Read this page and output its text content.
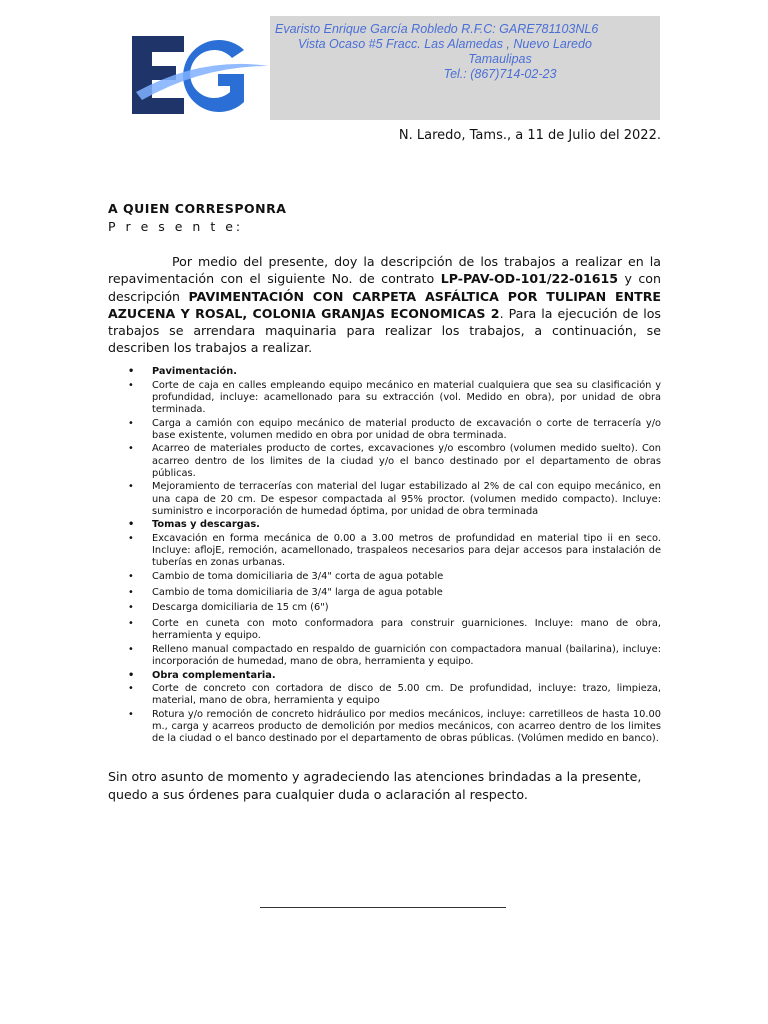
Evaristo Enrique García Robledo R.F.C: GARE781103NL6
Vista Ocaso #5 Fracc. Las Alamedas , Nuevo Laredo
Tamaulipas
Tel.: (867)714-02-23
N. Laredo, Tams., a 11 de Julio del 2022.
A QUIEN CORRESPONRA
P r e s e n t e:

Por medio del presente, doy la descripción de los trabajos a realizar en la repavimentación con el siguiente No. de contrato LP-PAV-OD-101/22-01615 y con descripción PAVIMENTACIÓN CON CARPETA ASFÁLTICA POR TULIPAN ENTRE AZUCENA Y ROSAL, COLONIA GRANJAS ECONOMICAS 2. Para la ejecución de los trabajos se arrendara maquinaria para realizar los trabajos, a continuación, se describen los trabajos a realizar.

• Pavimentación.
• Corte de caja en calles empleando equipo mecánico en material cualquiera que sea su clasificación y profundidad, incluye: acamellonado para su extracción (vol. Medido en obra), por unidad de obra terminada.
• Carga a camión con equipo mecánico de material producto de excavación o corte de terracería y/o base existente, volumen medido en obra por unidad de obra terminada.
• Acarreo de materiales producto de cortes, excavaciones y/o escombro (volumen medido suelto). Con acarreo dentro de los limites de la ciudad y/o el banco destinado por el departamento de obras públicas.
• Mejoramiento de terracerías con material del lugar estabilizado al 2% de cal con equipo mecánico, en una capa de 20 cm. De espesor compactada al 95% proctor. (volumen medido compacto). Incluye: suministro e incorporación de humedad óptima, por unidad de obra terminada
• Tomas y descargas.
• Excavación en forma mecánica de 0.00 a 3.00 metros de profundidad en material tipo ii en seco. Incluye: aflojE, remoción, acamellonado, traspaleos necesarios para dejar accesos para instalación de tuberías en zonas urbanas.
• Cambio de toma domiciliaria de 3/4" corta de agua potable
• Cambio de toma domiciliaria de 3/4" larga de agua potable
• Descarga domiciliaria de 15 cm (6")
• Corte en cuneta con moto conformadora para construir guarniciones. Incluye: mano de obra, herramienta y equipo.
• Relleno manual compactado en respaldo de guarnición con compactadora manual (bailarina), incluye: incorporación de humedad, mano de obra, herramienta y equipo.
• Obra complementaria.
• Corte de concreto con cortadora de disco de 5.00 cm. De profundidad, incluye: trazo, limpieza, material, mano de obra, herramienta y equipo
• Rotura y/o remoción de concreto hidráulico por medios mecánicos, incluye: carretilleos de hasta 10.00 m., carga y acarreos producto de demolición por medios mecánicos, con acarreo dentro de los limites de la ciudad o el banco destinado por el departamento de obras públicas. (Volúmen medido en banco).

Sin otro asunto de momento y agradeciendo las atenciones brindadas a la presente, quedo a sus órdenes para cualquier duda o aclaración al respecto.
